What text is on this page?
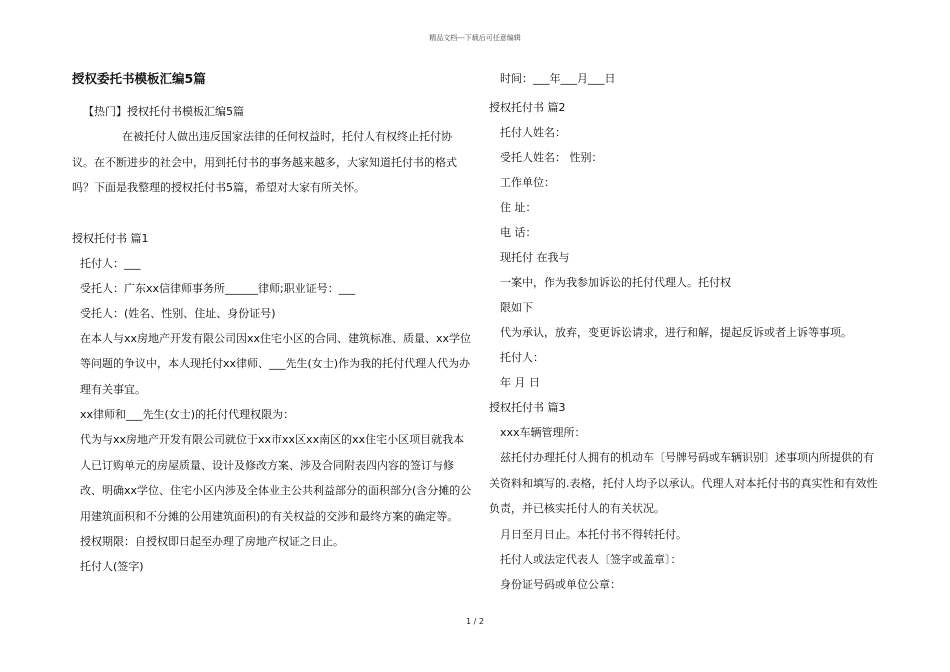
精品文档---下载后可任意编辑
授权委托书模板汇编5篇
【热门】授权托付书模板汇编5篇
在被托付人做出违反国家法律的任何权益时，托付人有权终止托付协议。在不断进步的社会中，用到托付书的事务越来越多，大家知道托付书的格式吗？下面是我整理的授权托付书5篇，希望对大家有所关怀。
授权托付书 篇1
托付人：___
受托人：广东xx信律师事务所______律师;职业证号：___
受托人：(姓名、性别、住址、身份证号)
在本人与xx房地产开发有限公司因xx住宅小区的合同、建筑标准、质量、xx学位等问题的争议中，本人现托付xx律师、___先生(女士)作为我的托付代理人代为办理有关事宜。
xx律师和___先生(女士)的托付代理权限为：
代为与xx房地产开发有限公司就位于xx市xx区xx南区的xx住宅小区项目就我本人已订购单元的房屋质量、设计及修改方案、涉及合同附表四内容的签订与修改、明确xx学位、住宅小区内涉及全体业主公共利益部分的面积部分(含分摊的公用建筑面积和不分摊的公用建筑面积)的有关权益的交涉和最终方案的确定等。
授权期限：自授权即日起至办理了房地产权证之日止。
托付人(签字)
时间：___年___月___日
授权托付书 篇2
托付人姓名：
受托人姓名： 性别：
工作单位：
住 址：
电 话：
现托付 在我与
一案中，作为我参加诉讼的托付代理人。托付权
限如下
代为承认，放弃，变更诉讼请求，进行和解，提起反诉或者上诉等事项。
托付人：
年 月 日
授权托付书 篇3
xxx车辆管理所：
兹托付办理托付人拥有的机动车〔号牌号码或车辆识别〕述事项内所提供的有关资料和填写的.表格，托付人均予以承认。代理人对本托付书的真实性和有效性负责，并已核实托付人的有关状况。
月日至月日止。本托付书不得转托付。
托付人或法定代表人〔签字或盖章〕：
身份证号码或单位公章：
1 / 2
